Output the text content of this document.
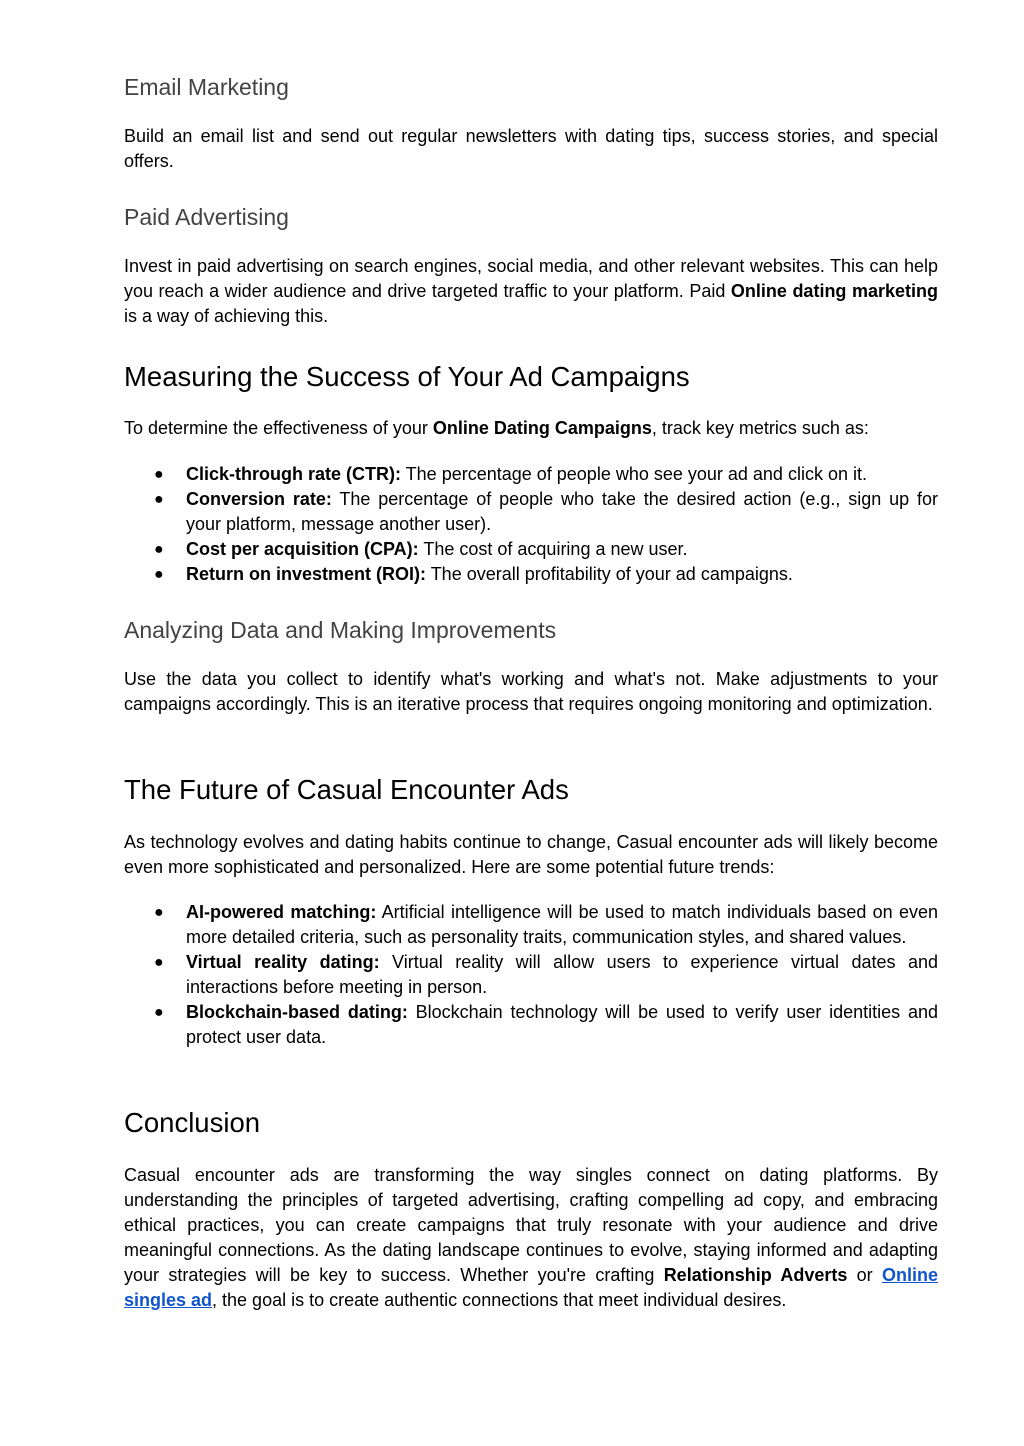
Email Marketing

Build an email list and send out regular newsletters with dating tips, success stories, and special offers.

Paid Advertising

Invest in paid advertising on search engines, social media, and other relevant websites. This can help you reach a wider audience and drive targeted traffic to your platform. Paid Online dating marketing is a way of achieving this.

Measuring the Success of Your Ad Campaigns

To determine the effectiveness of your Online Dating Campaigns, track key metrics such as:

● Click-through rate (CTR): The percentage of people who see your ad and click on it.
● Conversion rate: The percentage of people who take the desired action (e.g., sign up for your platform, message another user).
● Cost per acquisition (CPA): The cost of acquiring a new user.
● Return on investment (ROI): The overall profitability of your ad campaigns.
Analyzing Data and Making Improvements

Use the data you collect to identify what's working and what's not. Make adjustments to your campaigns accordingly. This is an iterative process that requires ongoing monitoring and optimization.

The Future of Casual Encounter Ads

As technology evolves and dating habits continue to change, Casual encounter ads will likely become even more sophisticated and personalized. Here are some potential future trends:

● AI-powered matching: Artificial intelligence will be used to match individuals based on even more detailed criteria, such as personality traits, communication styles, and shared values.
● Virtual reality dating: Virtual reality will allow users to experience virtual dates and interactions before meeting in person.
● Blockchain-based dating: Blockchain technology will be used to verify user identities and protect user data.
Conclusion

Casual encounter ads are transforming the way singles connect on dating platforms. By understanding the principles of targeted advertising, crafting compelling ad copy, and embracing ethical practices, you can create campaigns that truly resonate with your audience and drive meaningful connections. As the dating landscape continues to evolve, staying informed and adapting your strategies will be key to success. Whether you're crafting Relationship Adverts or Online singles ad, the goal is to create authentic connections that meet individual desires.
